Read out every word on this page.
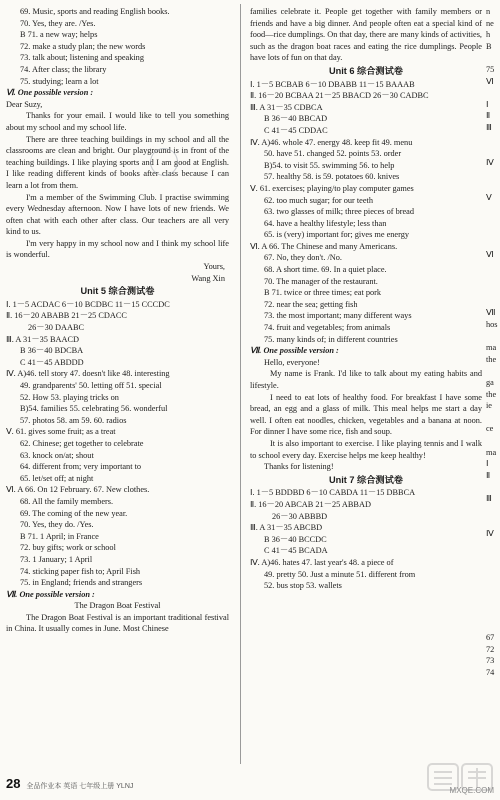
69. Music, sports and reading English books.
70. Yes, they are. /Yes.
B 71. a new way; helps
72. make a study plan; the new words
73. talk about; listening and speaking
74. After class; the library
75. studying; learn a lot
Ⅵ. One possible version :
Dear Suzy,
Thanks for your email. I would like to tell you something about my school and my school life.
There are three teaching buildings in my school and all the classrooms are clean and bright. Our playground is in front of the teaching buildings. I like playing sports and I am good at English. I like reading different kinds of books after class because I can learn a lot from them.
I'm a member of the Swimming Club. I practise swimming every Wednesday afternoon. Now I have lots of new friends. We often chat with each other after class. Our teachers are all very kind to us.
I'm very happy in my school now and I think my school life is wonderful.
Yours,
Wang Xin
Unit 5 综合测试卷
Ⅰ. 1－5 ACDAC 6－10 BCDBC 11－15 CCCDC
Ⅱ. 16－20 ABABB 21－25 CDACC
26－30 DAABC
Ⅲ. A 31－35 BAACD
B 36－40 BDCBA
C 41－45 ABDDD
Ⅳ. A)46. tell story 47. doesn't like 48. interesting
49. grandparents' 50. letting off 51. special
52. How 53. playing tricks on
B)54. families 55. celebrating 56. wonderful
57. photos 58. am 59. 60. radios
Ⅴ. 61. gives some fruit; as a treat
62. Chinese; get together to celebrate
63. knock on/at; shout
64. different from; very important to
65. let/set off; at night
Ⅵ. A 66. On 12 February. 67. New clothes.
68. All the family members.
69. The coming of the new year.
70. Yes, they do. /Yes.
B 71. 1 April; in France
72. buy gifts; work or school
73. 1 January; 1 April
74. sticking paper fish to; April Fish
75. in England; friends and strangers
Ⅶ. One possible version :
The Dragon Boat Festival
The Dragon Boat Festival is an important traditional festival in China. It usually comes in June. Most Chinese
families celebrate it. People get together with family members or friends and have a big dinner. And people often eat a special kind of food—rice dumplings. On that day, there are many kinds of activities, such as the dragon boat races and eating the rice dumplings. People have lots of fun on that day.
Unit 6 综合测试卷
Ⅰ. 1－5 BCBAB 6－10 DBABB 11－15 BAAAB
Ⅱ. 16－20 BCBAA 21－25 BBACD 26－30 CADBC
Ⅲ. A 31－35 CDBCA
B 36－40 BBCAD
C 41－45 CDDAC
Ⅳ. A)46. whole 47. energy 48. keep fit 49. menu
50. have 51. changed 52. points 53. order
B)54. to visit 55. swimming 56. to help
57. healthy 58. is 59. potatoes 60. knives
Ⅴ. 61. exercises; playing/to play computer games
62. too much sugar; for our teeth
63. two glasses of milk; three pieces of bread
64. have a healthy lifestyle; less than
65. is (very) important for; gives me energy
Ⅵ. A 66. The Chinese and many Americans.
67. No, they don't. /No.
68. A short time. 69. In a quiet place.
70. The manager of the restaurant.
B 71. twice or three times; eat pork
72. near the sea; getting fish
73. the most important; many different ways
74. fruit and vegetables; from animals
75. many kinds of; in different countries
Ⅶ. One possible version :
Hello, everyone!
My name is Frank. I'd like to talk about my eating habits and lifestyle.
I need to eat lots of healthy food. For breakfast I have some bread, an egg and a glass of milk. This meal helps me start a day well. I often eat noodles, chicken, vegetables and a banana at noon. For dinner I have some rice, fish and soup.
It is also important to exercise. I like playing tennis and I walk to school every day. Exercise helps me keep healthy!
Thanks for listening!
Unit 7 综合测试卷
Ⅰ. 1－5 BDDBD 6－10 CABDA 11－15 DBBCA
Ⅱ. 16－20 ABCAB 21－25 ABBAD
26－30 ABBBD
Ⅲ. A 31－35 ABCBD
B 36－40 BCCDC
C 41－45 BCADA
Ⅳ. A)46. hates 47. last year's 48. a piece of
49. pretty 50. Just a minute 51. different from
52. bus stop 53. wallets
n
ne
h
B
75
Ⅵ
Ⅰ
Ⅱ
Ⅲ
Ⅳ
Ⅴ
Ⅵ
Ⅶ
hos
ma
the
ga
the
ie
ce
ma
Ⅰ
Ⅱ
Ⅲ
Ⅳ
67
72
73
74
28 全品作业本 英语 七年级上册 YLNJ	MXQE.COM
